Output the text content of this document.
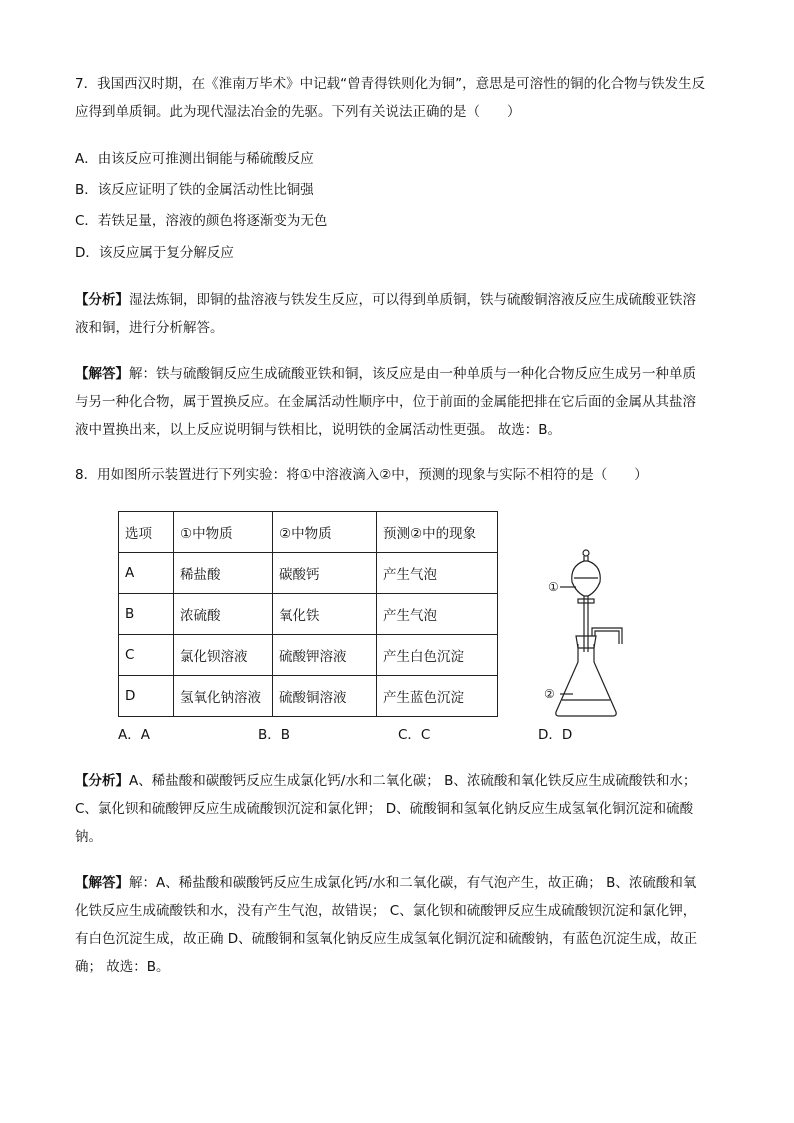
7．我国西汉时期，在《淮南万毕术》中记载“曾青得铁则化为铜”，意思是可溶性的铜的化合物与铁发生反
应得到单质铜。此为现代湿法冶金的先驱。下列有关说法正确的是（　　）
A．由该反应可推测出铜能与稀硫酸反应
B．该反应证明了铁的金属活动性比铜强
C．若铁足量，溶液的颜色将逐渐变为无色
D．该反应属于复分解反应
【分析】湿法炼铜，即铜的盐溶液与铁发生反应，可以得到单质铜，铁与硫酸铜溶液反应生成硫酸亚铁溶
液和铜，进行分析解答。
【解答】解：铁与硫酸铜反应生成硫酸亚铁和铜，该反应是由一种单质与一种化合物反应生成另一种单质
与另一种化合物，属于置换反应。在金属活动性顺序中，位于前面的金属能把排在它后面的金属从其盐溶
液中置换出来，以上反应说明铜与铁相比，说明铁的金属活动性更强。 故选：B。
8．用如图所示装置进行下列实验：将①中溶液滴入②中，预测的现象与实际不相符的是（　　）
选项	①中物质	②中物质	预测②中的现象
A	稀盐酸	碳酸钙	产生气泡
B	浓硫酸	氧化铁	产生气泡
C	氯化钡溶液	硫酸钾溶液	产生白色沉淀
D	氢氧化钠溶液	硫酸铜溶液	产生蓝色沉淀
①
②
A．A	B．B	C．C	D．D
【分析】A、稀盐酸和碳酸钙反应生成氯化钙/水和二氧化碳； B、浓硫酸和氧化铁反应生成硫酸铁和水；
C、氯化钡和硫酸钾反应生成硫酸钡沉淀和氯化钾； D、硫酸铜和氢氧化钠反应生成氢氧化铜沉淀和硫酸
钠。
【解答】解：A、稀盐酸和碳酸钙反应生成氯化钙/水和二氧化碳，有气泡产生，故正确； B、浓硫酸和氧
化铁反应生成硫酸铁和水，没有产生气泡，故错误； C、氯化钡和硫酸钾反应生成硫酸钡沉淀和氯化钾，
有白色沉淀生成，故正确 D、硫酸铜和氢氧化钠反应生成氢氧化铜沉淀和硫酸钠，有蓝色沉淀生成，故正
确； 故选：B。
